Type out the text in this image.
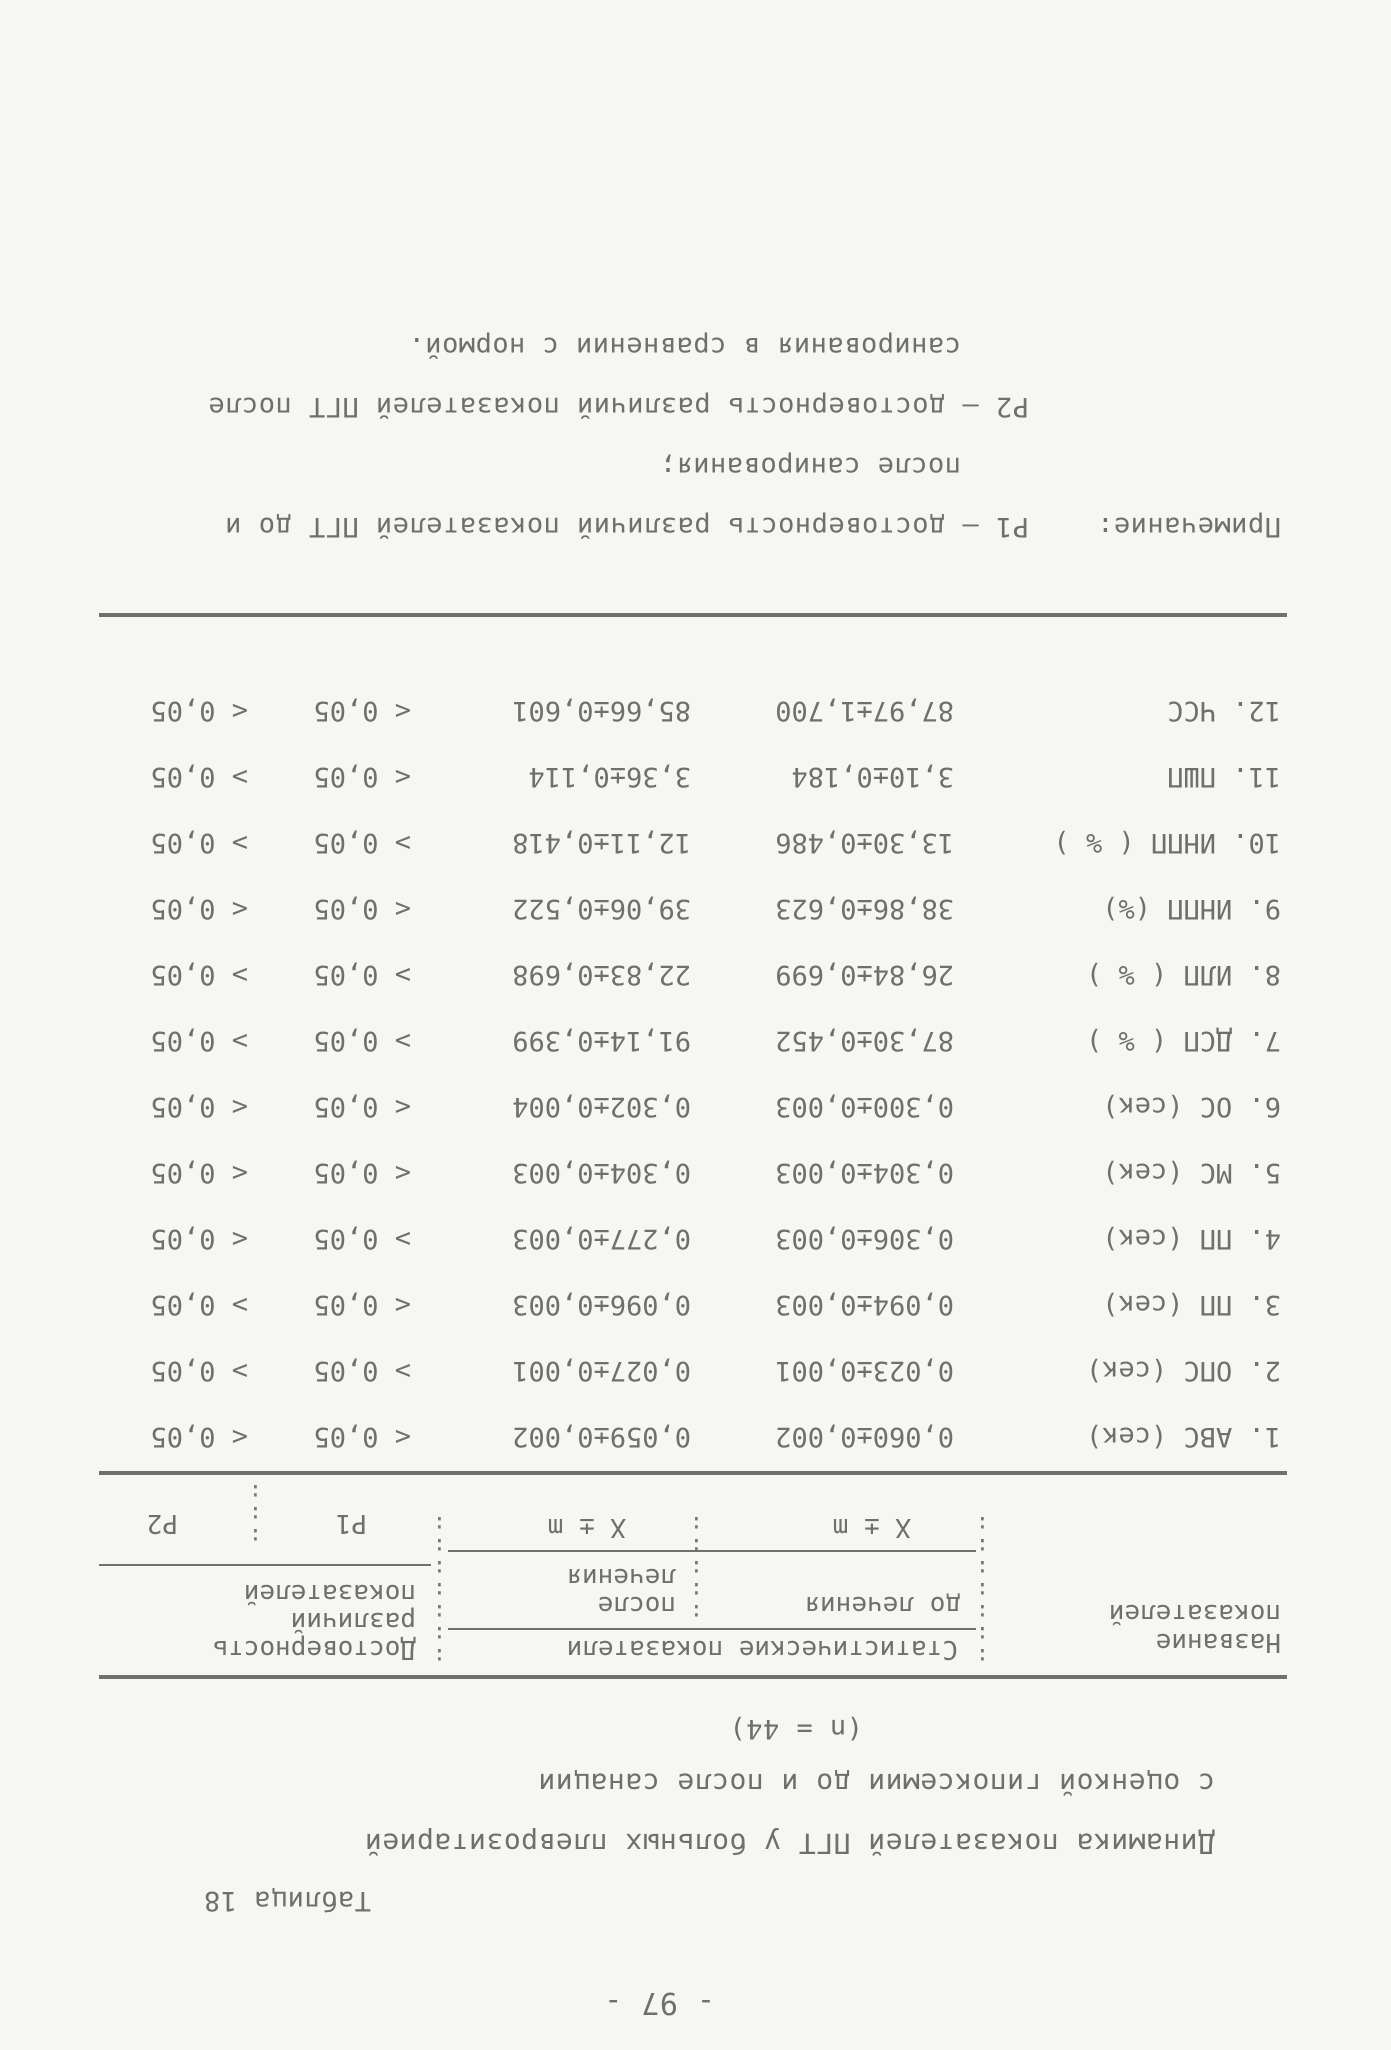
- 97 -
Таблица 18
Динамика показателей ПГТ у больных плеврозитарией
с оценкой гипоксемии до и после санации
(n = 44)
Название
показателей
Статистические показатели
до лечения
после
лечения
X ± m
X ± m
Достоверность
различий
показателей
P1
P2
:
:
:
:
:
:
:
:
:
:
:
:
:
:
:
:
:
:
:
:
:
:
1. АВС (сек)
0,060±0,002
0,059±0,002
< 0,05
< 0,05
2. ОПС (сек)
0,023±0,001
0,027±0,001
> 0,05
> 0,05
3. ПП (сек)
0,094±0,003
0,096±0,003
< 0,05
> 0,05
4. ПП (сек)
0,306±0,003
0,277±0,003
> 0,05
< 0,05
5. МС (сек)
0,304±0,003
0,304±0,003
< 0,05
< 0,05
6. ОС (сек)
0,300±0,003
0,302±0,004
< 0,05
< 0,05
7. ДСП ( % )
87,30±0,452
91,14±0,399
> 0,05
> 0,05
8. ИЛП ( % )
26,84±0,699
22,83±0,698
> 0,05
> 0,05
9. ИНПП (%)
38,86±0,623
39,06±0,522
< 0,05
< 0,05
10. ИНПП ( % )
13,30±0,486
12,11±0,418
> 0,05
> 0,05
11. ПШП
3,10±0,184
3,36±0,114
< 0,05
> 0,05
12. ЧСС
87,97±1,700
85,66±0,601
< 0,05
< 0,05
Примечание:
P1 – достоверность различий показателей ПГТ до и
после санирования;
P2 – достоверность различий показателей ПГТ после
санирования в сравнении с нормой.
